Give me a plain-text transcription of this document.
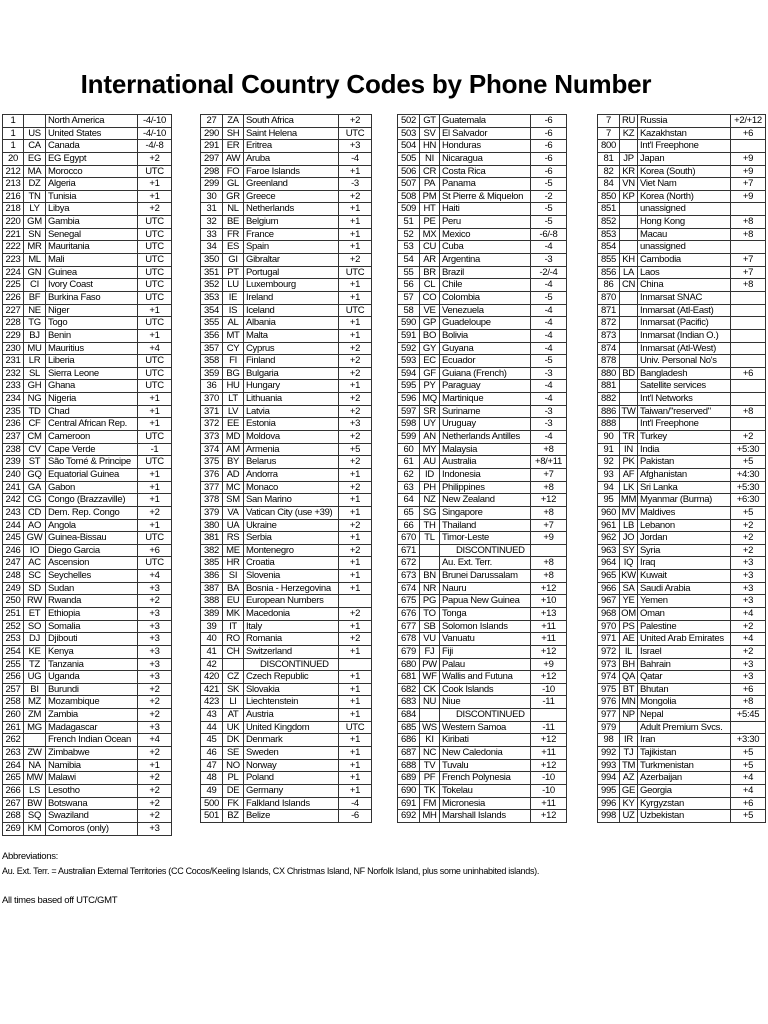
International Country Codes by Phone Number
1	North America	-4/-10
1	US United States	-4/-10
1	CA Canada	-4/-8
20	EG EG Egypt	+2
212 MA Morocco	UTC
213 DZ Algeria	+1
216 TN Tunisia	+1
218 LY Libya	+2
220 GM Gambia	UTC
221 SN Senegal	UTC
222 MR Mauritania	UTC
223 ML Mali	UTC
224 GN Guinea	UTC
225	CI Ivory Coast	UTC
226 BF Burkina Faso	UTC
227 NE Niger	+1
228 TG Togo	UTC
229 BJ Benin	+1
230 MU Mauritius	+4
231 LR Liberia	UTC
232 SL Sierra Leone	UTC
233 GH Ghana	UTC
234 NG Nigeria	+1
235 TD Chad	+1
236 CF Central African Rep.	+1
237 CM Cameroon	UTC
238 CV Cape Verde	-1
239 ST São Tomé & Principe	UTC
240 GQ Equatorial Guinea	+1
241 GA Gabon	+1
242 CG Congo (Brazzaville)	+1
243 CD Dem. Rep. Congo	+2
244 AO Angola	+1
245 GW Guinea-Bissau	UTC
246 IO Diego Garcia	+6
247 AC Ascension	UTC
248 SC Seychelles	+4
249 SD Sudan	+3
250 RW Rwanda	+2
251 ET Ethiopia	+3
252 SO Somalia	+3
253 DJ Djibouti	+3
254 KE Kenya	+3
255 TZ Tanzania	+3
256 UG Uganda	+3
257	BI Burundi	+2
258 MZ Mozambique	+2
260 ZM Zambia	+2
261 MG Madagascar	+3
262	French Indian Ocean	+4
263 ZW Zimbabwe	+2
264 NA Namibia	+1
265 MW Malawi	+2
266 LS Lesotho	+2
267 BW Botswana	+2
268 SQ Swaziland	+2
269 KM Comoros (only)	+3
27	ZA South Africa	+2
290 SH Saint Helena	UTC
291 ER Eritrea	+3
297 AW Aruba	-4
298 FO Faroe Islands	+1
299 GL Greenland	-3
30	GR Greece	+2
31	NL Netherlands	+1
32	BE Belgium	+1
33	FR France	+1
34	ES Spain	+1
350 GI Gibraltar	+2
351 PT Portugal	UTC
352 LU Luxembourg	+1
353	IE Ireland	+1
354	IS Iceland	UTC
355 AL Albania	+1
356 MT Malta	+1
357 CY Cyprus	+2
358	FI Finland	+2
359 BG Bulgaria	+2
36	HU Hungary	+1
370 LT Lithuania	+2
371 LV Latvia	+2
372 EE Estonia	+3
373 MD Moldova	+2
374 AM Armenia	+5
375 BY Belarus	+2
376 AD Andorra	+1
377 MC Monaco	+2
378 SM San Marino	+1
379 VA Vatican City (use +39)	+1
380 UA Ukraine	+2
381 RS Serbia	+1
382 ME Montenegro	+2
385 HR Croatia	+1
386	SI Slovenia	+1
387 BA Bosnia - Herzegovina	+1
388 EU European Numbers
389 MK Macedonia	+2
39	IT Italy	+1
40	RO Romania	+2
41	CH Switzerland	+1
42	DISCONTINUED
420 CZ Czech Republic	+1
421 SK Slovakia	+1
423	LI Liechtenstein	+1
43	AT Austria	+1
44	UK United Kingdom	UTC
45	DK Denmark	+1
46	SE Sweden	+1
47	NO Norway	+1
48	PL Poland	+1
49	DE Germany	+1
500 FK Falkland Islands	-4
501 BZ Belize	-6
502 GT Guatemala	-6
503 SV El Salvador	-6
504 HN Honduras	-6
505 NI Nicaragua	-6
506 CR Costa Rica	-6
507 PA Panama	-5
508 PM St Pierre & Miquelon	-2
509 HT Haiti	-5
51	PE Peru	-5
52 MX Mexico	-6/-8
53 CU Cuba	-4
54	AR Argentina	-3
55	BR Brazil	-2/-4
56	CL Chile	-4
57 CO Colombia	-5
58	VE Venezuela	-4
590 GP Guadeloupe	-4
591 BO Bolivia	-4
592 GY Guyana	-4
593 EC Ecuador	-5
594 GF Guiana (French)	-3
595 PY Paraguay	-4
596 MQ Martinique	-4
597 SR Suriname	-3
598 UY Uruguay	-3
599 AN Netherlands Antilles	-4
60 MY Malaysia	+8
61	AU Australia	+8/+11
62	ID Indonesia	+7
63	PH Philippines	+8
64	NZ New Zealand	+12
65 SG Singapore	+8
66	TH Thailand	+7
670 TL Timor-Leste	+9
671	DISCONTINUED
672	Au. Ext. Terr.	+8
673 BN Brunei Darussalam	+8
674 NR Nauru	+12
675 PG Papua New Guinea	+10
676 TO Tonga	+13
677 SB Solomon Islands	+11
678 VU Vanuatu	+11
679 FJ Fiji	+12
680 PW Palau	+9
681 WF Wallis and Futuna	+12
682 CK Cook Islands	-10
683 NU Niue	-11
684	DISCONTINUED
685 WS Western Samoa	-11
686 KI Kiribati	+12
687 NC New Caledonia	+11
688 TV Tuvalu	+12
689 PF French Polynesia	-10
690 TK Tokelau	-10
691 FM Micronesia	+11
692 MH Marshall Islands	+12
7	RU Russia	+2/+12
7	KZ Kazakhstan	+6
800	Int'l Freephone
81	JP Japan	+9
82 KR Korea (South)	+9
84 VN Viet Nam	+7
850 KP Korea (North)	+9
851	unassigned
852	Hong Kong	+8
853	Macau	+8
854	unassigned
855 KH Cambodia	+7
856 LA Laos	+7
86 CN China	+8
870	Inmarsat SNAC
871	Inmarsat (Atl-East)
872	Inmarsat (Pacific)
873	Inmarsat (Indian O.)
874	Inmarsat (Atl-West)
878	Univ. Personal No's
880 BD Bangladesh	+6
881	Satellite services
882	Int'l Networks
886 TW Taiwan/"reserved"	+8
888	Int'l Freephone
90 TR Turkey	+2
91	IN India	+5:30
92 PK Pakistan	+5
93 AF Afghanistan	+4:30
94	LK Sri Lanka	+5:30
95 MM Myanmar (Burma)	+6:30
960 MV Maldives	+5
961 LB Lebanon	+2
962 JO Jordan	+2
963 SY Syria	+2
964 IQ Iraq	+3
965 KW Kuwait	+3
966 SA Saudi Arabia	+3
967 YE Yemen	+3
968 OM Oman	+4
970 PS Palestine	+2
971 AE United Arab Emirates	+4
972 IL Israel	+2
973 BH Bahrain	+3
974 QA Qatar	+3
975 BT Bhutan	+6
976 MN Mongolia	+8
977 NP Nepal	+5:45
979	Adult Premium Svcs.
98	IR Iran	+3:30
992 TJ Tajikistan	+5
993 TM Turkmenistan	+5
994 AZ Azerbaijan	+4
995 GE Georgia	+4
996 KY Kyrgyzstan	+6
998 UZ Uzbekistan	+5
Abbreviations:
Au. Ext. Terr. = Australian External Territories (CC Cocos/Keeling Islands, CX Christmas Island, NF Norfolk Island, plus some uninhabited islands).
All times based off UTC/GMT
